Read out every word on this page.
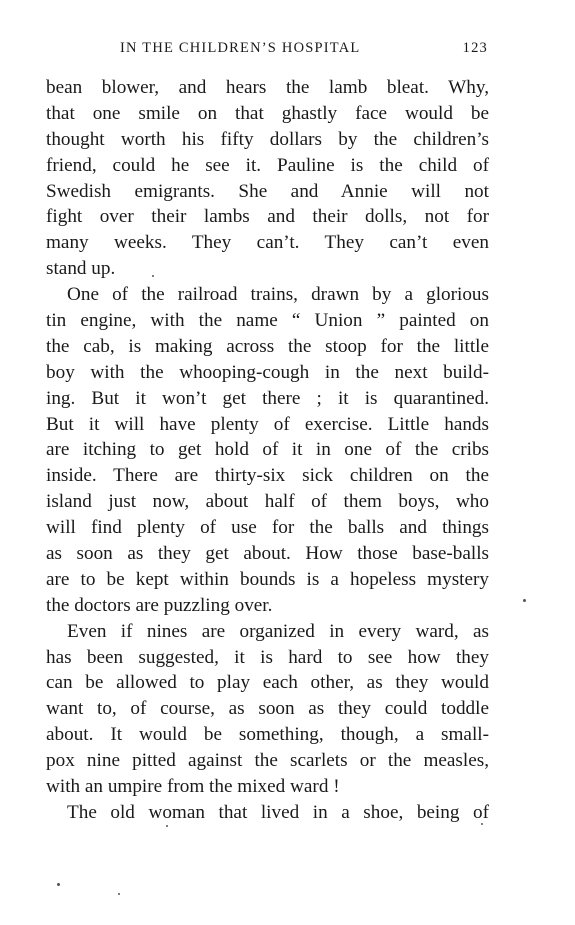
IN THE CHILDREN’S HOSPITAL	123
bean blower, and hears the lamb bleat. Why,
that one smile on that ghastly face would be
thought worth his fifty dollars by the children’s
friend, could he see it. Pauline is the child of
Swedish emigrants. She and Annie will not
fight over their lambs and their dolls, not for
many weeks. They can’t. They can’t even
stand up.
One of the railroad trains, drawn by a glorious
tin engine, with the name “ Union ” painted on
the cab, is making across the stoop for the little
boy with the whooping-cough in the next build-
ing. But it won’t get there ; it is quarantined.
But it will have plenty of exercise. Little hands
are itching to get hold of it in one of the cribs
inside. There are thirty-six sick children on the
island just now, about half of them boys, who
will find plenty of use for the balls and things
as soon as they get about. How those base-balls
are to be kept within bounds is a hopeless mystery
the doctors are puzzling over.
Even if nines are organized in every ward, as
has been suggested, it is hard to see how they
can be allowed to play each other, as they would
want to, of course, as soon as they could toddle
about. It would be something, though, a small-
pox nine pitted against the scarlets or the measles,
with an umpire from the mixed ward !
The old woman that lived in a shoe, being of
